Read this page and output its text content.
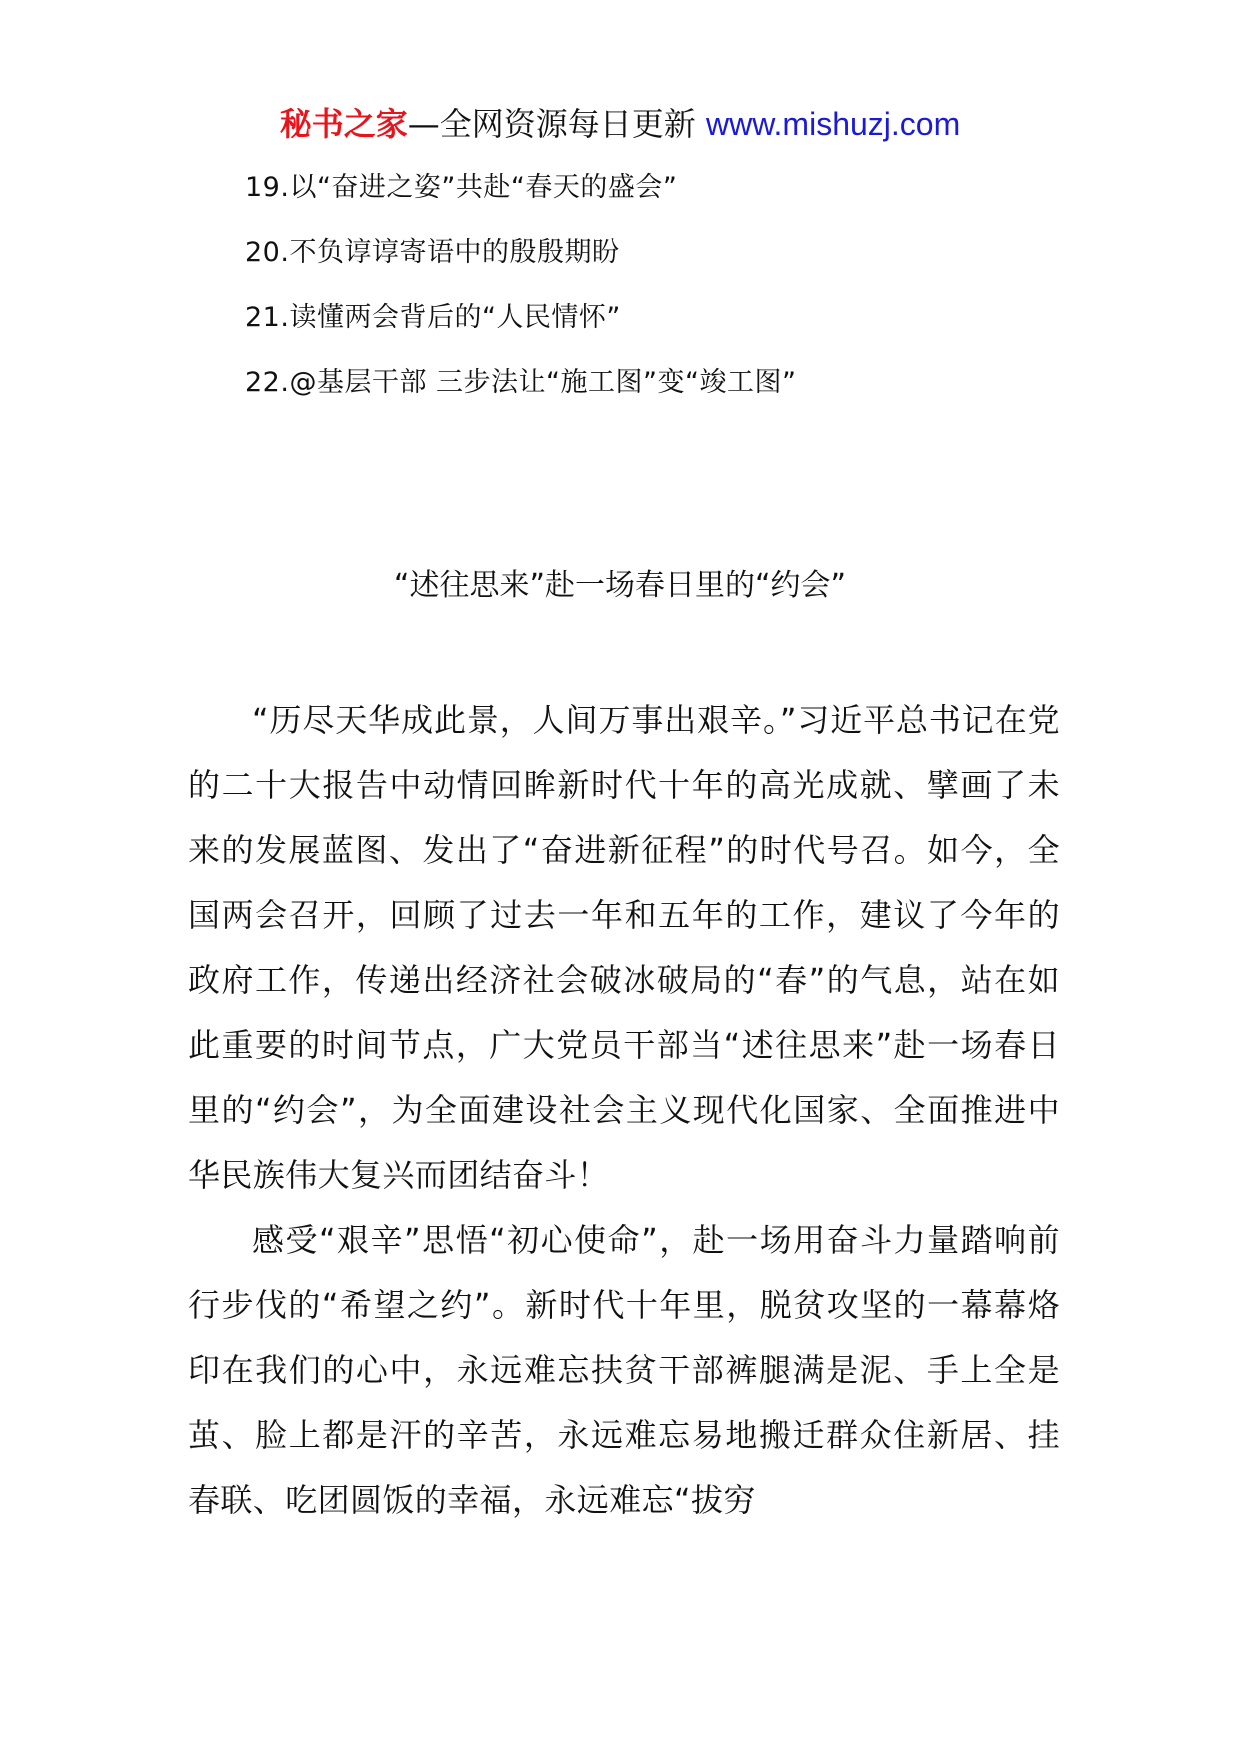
秘书之家—全网资源每日更新 www.mishuzj.com
19.以“奋进之姿”共赴“春天的盛会”
20.不负谆谆寄语中的殷殷期盼
21.读懂两会背后的“人民情怀”
22.@基层干部 三步法让“施工图”变“竣工图”
“述往思来”赴一场春日里的“约会”

“历尽天华成此景，人间万事出艰辛。”习近平总书记在党的二十大报告中动情回眸新时代十年的高光成就、擘画了未来的发展蓝图、发出了“奋进新征程”的时代号召。如今，全国两会召开，回顾了过去一年和五年的工作，建议了今年的政府工作，传递出经济社会破冰破局的“春”的气息，站在如此重要的时间节点，广大党员干部当“述往思来”赴一场春日里的“约会”，为全面建设社会主义现代化国家、全面推进中华民族伟大复兴而团结奋斗！

感受“艰辛”思悟“初心使命”，赴一场用奋斗力量踏响前行步伐的“希望之约”。新时代十年里，脱贫攻坚的一幕幕烙印在我们的心中，永远难忘扶贫干部裤腿满是泥、手上全是茧、脸上都是汗的辛苦，永远难忘易地搬迁群众住新居、挂春联、吃团圆饭的幸福，永远难忘“拔穷
